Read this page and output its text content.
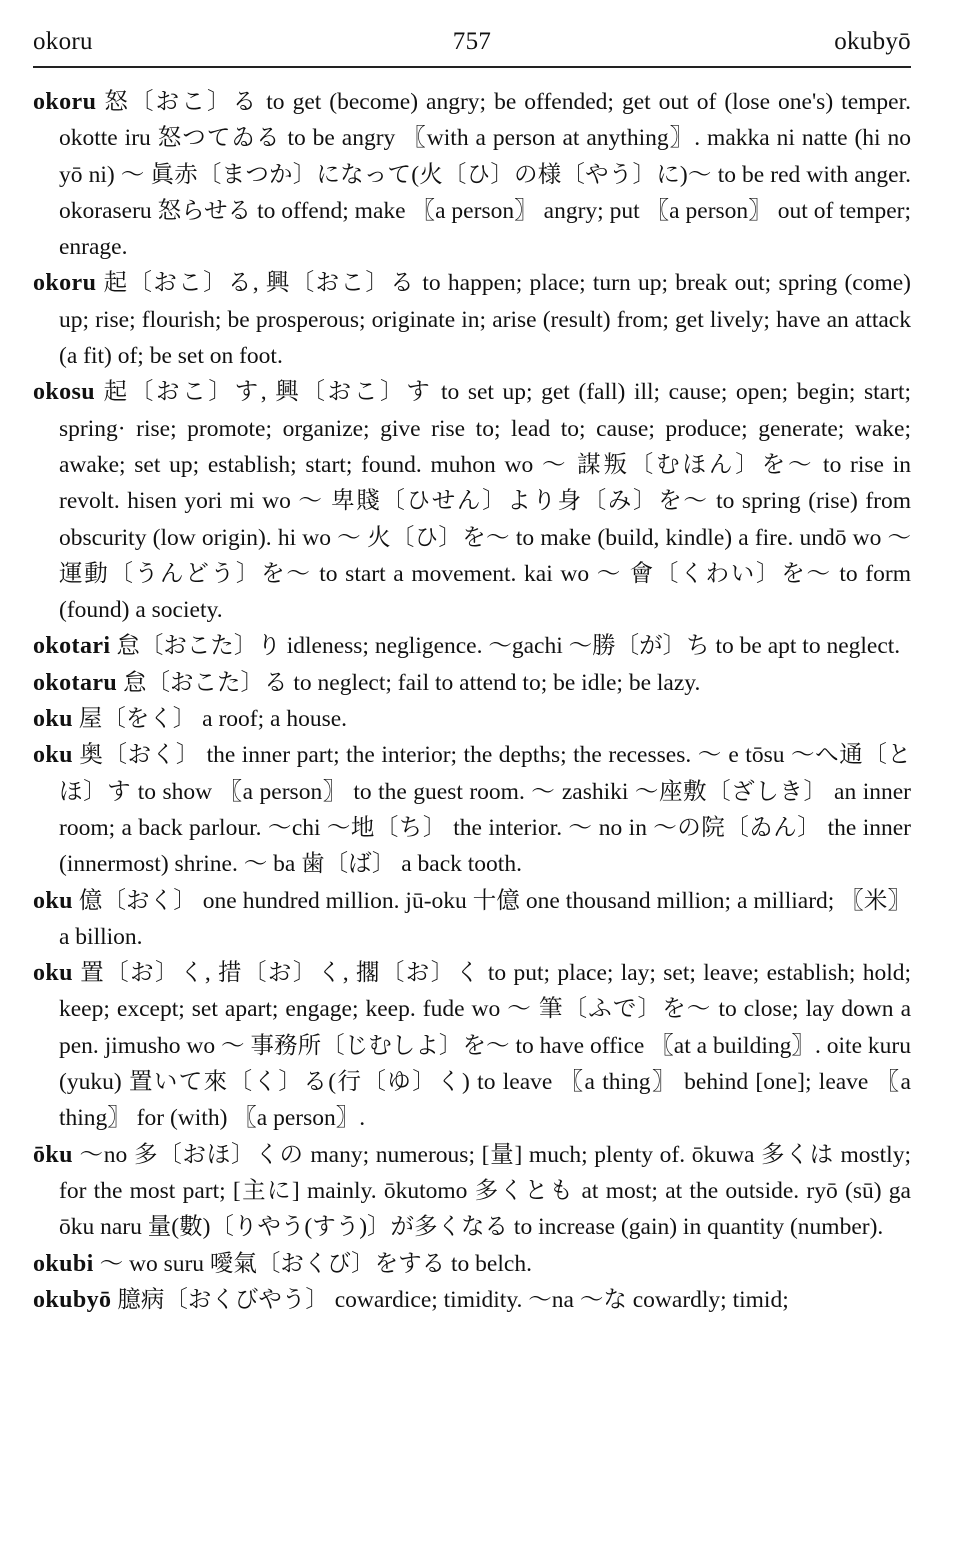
okoru	757	okubyō

okoru 怒〔おこ〕る to get (become) angry; be offended; get out of (lose one's) temper. okotte iru 怒つてゐる to be angry 〖with a person at anything〗. makka ni natte (hi no yō ni) ～ 眞赤〔まつか〕になって(火〔ひ〕の様〔やう〕に)～ to be red with anger. okoraseru 怒らせる to offend; make 〖a person〗 angry; put 〖a person〗 out of temper; enrage.

okoru 起〔おこ〕る, 興〔おこ〕る to happen; place; turn up; break out; spring (come) up; rise; flourish; be prosperous; originate in; arise (result) from; get lively; have an attack (a fit) of; be set on foot.

okosu 起〔おこ〕す, 興〔おこ〕す to set up; get (fall) ill; cause; open; begin; start; spring· rise; promote; organize; give rise to; lead to; cause; produce; generate; wake; awake; set up; establish; start; found. muhon wo ～ 謀叛〔むほん〕を～ to rise in revolt. hisen yori mi wo ～ 卑賤〔ひせん〕より身〔み〕を～ to spring (rise) from obscurity (low origin). hi wo ～ 火〔ひ〕を～ to make (build, kindle) a fire. undō wo ～ 運動〔うんどう〕を～ to start a movement. kai wo ～ 會〔くわい〕を～ to form (found) a society.

okotari 怠〔おこた〕り idleness; negligence. ～gachi ～勝〔が〕ち to be apt to neglect.

okotaru 怠〔おこた〕る to neglect; fail to attend to; be idle; be lazy.

oku 屋〔をく〕 a roof; a house.

oku 奥〔おく〕 the inner part; the interior; the depths; the recesses. ～ e tōsu ～へ通〔とほ〕す to show 〖a person〗 to the guest room. ～ zashiki ～座敷〔ざしき〕 an inner room; a back parlour. ～chi ～地〔ち〕 the interior. ～ no in ～の院〔ゐん〕 the inner (innermost) shrine. ～ ba 歯〔ば〕 a back tooth.

oku 億〔おく〕 one hundred million. jū-oku 十億 one thousand million; a milliard; 〖米〗 a billion.

oku 置〔お〕く, 措〔お〕く, 擱〔お〕く to put; place; lay; set; leave; establish; hold; keep; except; set apart; engage; keep. fude wo ～ 筆〔ふで〕を～ to close; lay down a pen. jimusho wo ～ 事務所〔じむしよ〕を～ to have office 〖at a building〗. oite kuru (yuku) 置いて來〔く〕る(行〔ゆ〕く) to leave 〖a thing〗 behind [one]; leave 〖a thing〗 for (with) 〖a person〗.

ōku ～no 多〔おほ〕くの many; numerous; [量] much; plenty of. ōkuwa 多くは mostly; for the most part; [主に] mainly. ōkutomo 多くとも at most; at the outside. ryō (sū) ga ōku naru 量(數)〔りやう(すう)〕が多くなる to increase (gain) in quantity (number).

okubi ～ wo suru 噯氣〔おくび〕をする to belch.

okubyō 臆病〔おくびやう〕 cowardice; timidity. ～na ～な cowardly; timid;
